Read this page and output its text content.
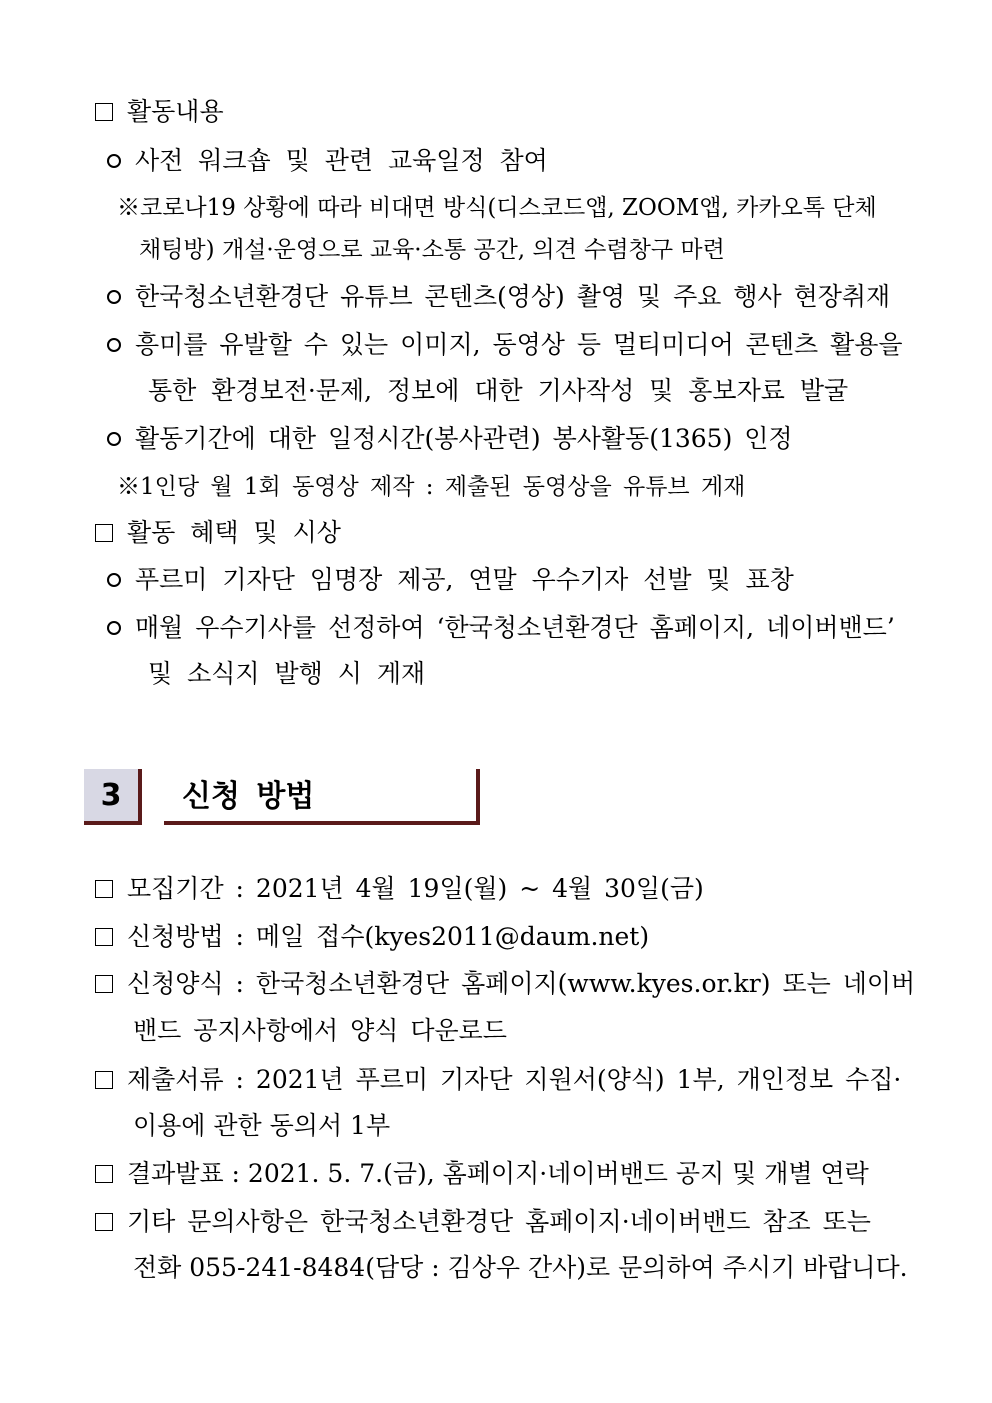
활동내용
사전 워크숍 및 관련 교육일정 참여
※코로나19 상황에 따라 비대면 방식(디스코드앱, ZOOM앱, 카카오톡 단체
채팅방) 개설·운영으로 교육·소통 공간, 의견 수렴창구 마련
한국청소년환경단 유튜브 콘텐츠(영상) 촬영 및 주요 행사 현장취재
흥미를 유발할 수 있는 이미지, 동영상 등 멀티미디어 콘텐츠 활용을
통한 환경보전·문제, 정보에 대한 기사작성 및 홍보자료 발굴
활동기간에 대한 일정시간(봉사관련) 봉사활동(1365) 인정
※1인당 월 1회 동영상 제작 : 제출된 동영상을 유튜브 게재
활동 혜택 및 시상
푸르미 기자단 임명장 제공, 연말 우수기자 선발 및 표창
매월 우수기사를 선정하여 ‘한국청소년환경단 홈페이지, 네이버밴드’
및 소식지 발행 시 게재
3	신청 방법
모집기간 : 2021년 4월 19일(월) ~ 4월 30일(금)
신청방법 : 메일 접수(kyes2011@daum.net)
신청양식 : 한국청소년환경단 홈페이지(www.kyes.or.kr) 또는 네이버
밴드 공지사항에서 양식 다운로드
제출서류 : 2021년 푸르미 기자단 지원서(양식) 1부, 개인정보 수집·
이용에 관한 동의서 1부
결과발표 : 2021. 5. 7.(금), 홈페이지·네이버밴드 공지 및 개별 연락
기타 문의사항은 한국청소년환경단 홈페이지·네이버밴드 참조 또는
전화 055-241-8484(담당 : 김상우 간사)로 문의하여 주시기 바랍니다.
